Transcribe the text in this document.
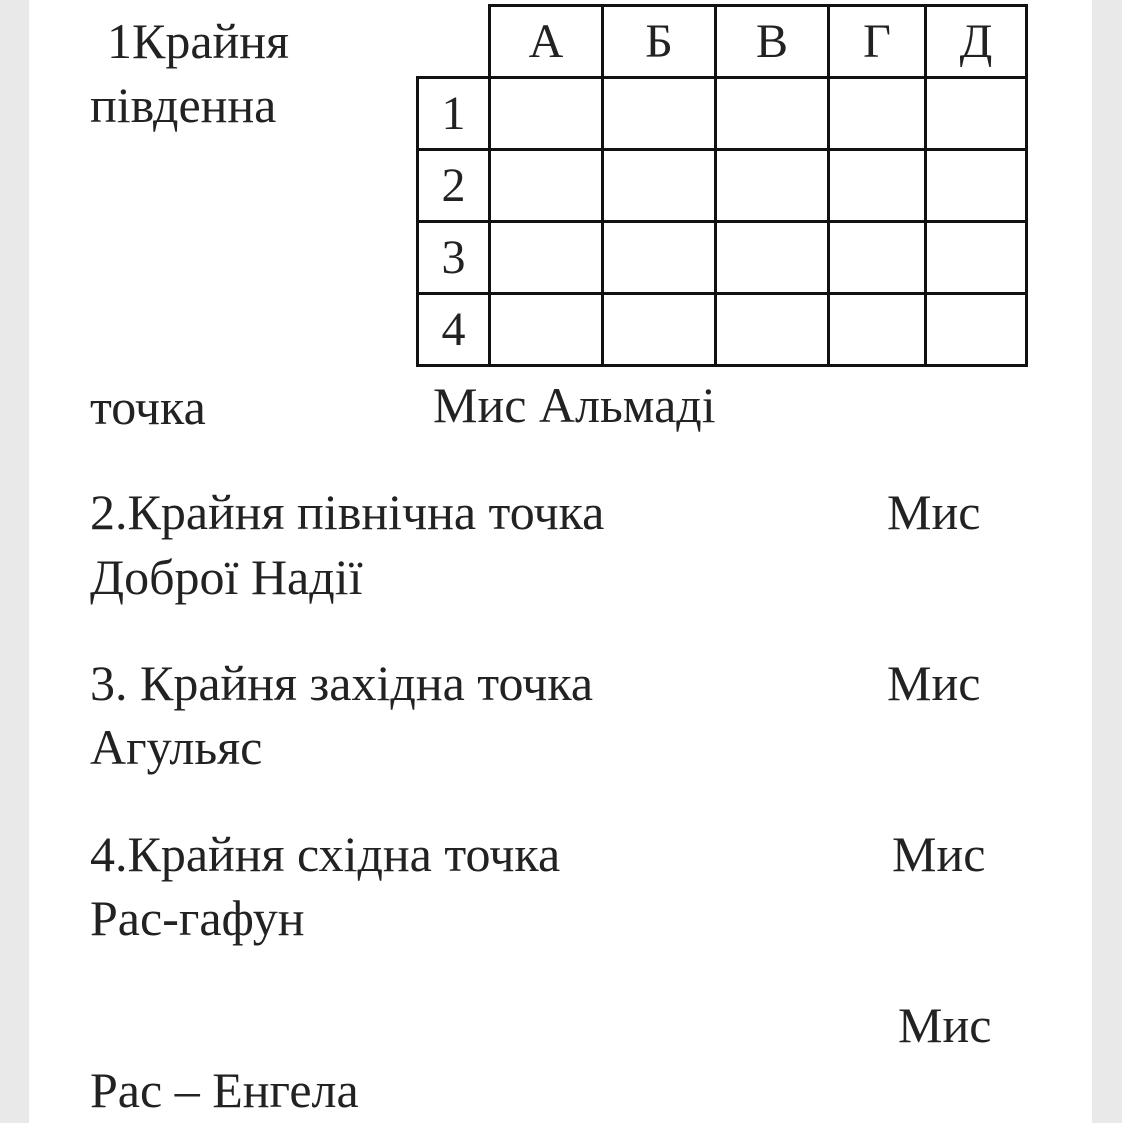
	А	Б	В	Г	Д
1					
2					
3					
4					
1Крайня
південна
точка	Мис Альмаді
2.Крайня північна точка	Мис
Доброї Надії
3. Крайня західна точка	Мис
Агульяс
4.Крайня східна точка	Мис
Рас-гафун
Мис
Рас – Енгела
